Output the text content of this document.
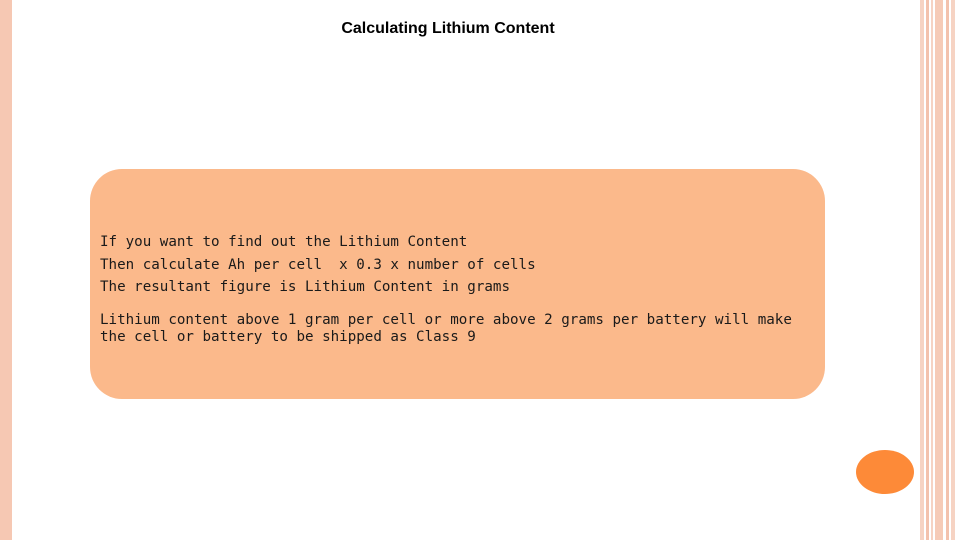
Calculating Lithium Content
If you want to find out the Lithium Content
Then calculate Ah per cell  x 0.3 x number of cells
The resultant figure is Lithium Content in grams
Lithium content above 1 gram per cell or more above 2 grams per battery will make the cell or battery to be shipped as Class 9
